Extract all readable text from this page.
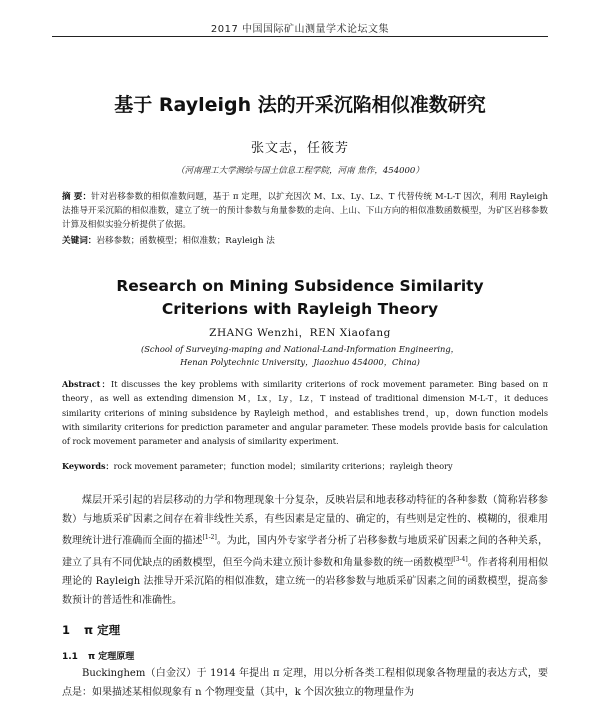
2017 中国国际矿山测量学术论坛文集
基于 Rayleigh 法的开采沉陷相似准数研究
张文志，任筱芳
（河南理工大学测绘与国土信息工程学院，河南 焦作，454000）
摘 要：针对岩移参数的相似准数问题，基于 π 定理，以扩充因次 M、Lx、Ly、Lz、T 代替传统 M-L-T 因次，利用 Rayleigh 法推导开采沉陷的相似准数，建立了统一的预计参数与角量参数的走向、上山、下山方向的相似准数函数模型，为矿区岩移参数计算及相似实验分析提供了依据。
关键词：岩移参数；函数模型；相似准数；Rayleigh 法
Research on Mining Subsidence Similarity
Criterions with Rayleigh Theory
ZHANG Wenzhi，REN Xiaofang
(School of Surveying-maping and National-Land-Information Engineering，
Henan Polytechnic University，Jiaozhuo 454000，China)
Abstract：It discusses the key problems with similarity criterions of rock movement parameter. Bing based on π theory，as well as extending dimension M，Lx，Ly，Lz，T instead of traditional dimension M-L-T，it deduces similarity criterions of mining subsidence by Rayleigh method，and establishes trend，up，down function models with similarity criterions for prediction parameter and angular parameter. These models provide basis for calculation of rock movement parameter and analysis of similarity experiment.
Keywords：rock movement parameter；function model；similarity criterions；rayleigh theory
煤层开采引起的岩层移动的力学和物理现象十分复杂，反映岩层和地表移动特征的各种参数（简称岩移参数）与地质采矿因素之间存在着非线性关系，有些因素是定量的、确定的，有些则是定性的、模糊的，很难用数理统计进行准确而全面的描述[1-2]。为此，国内外专家学者分析了岩移参数与地质采矿因素之间的各种关系，建立了具有不同优缺点的函数模型，但至今尚未建立预计参数和角量参数的统一函数模型[3-4]。作者将利用相似理论的 Rayleigh 法推导开采沉陷的相似准数，建立统一的岩移参数与地质采矿因素之间的函数模型，提高参数预计的普适性和准确性。
1 π 定理
1.1 π 定理原理
Buckinghem（白金汉）于 1914 年提出 π 定理，用以分析各类工程相似现象各物理量的表达方式，要点是：如果描述某相似现象有 n 个物理变量（其中，k 个因次独立的物理量作为
